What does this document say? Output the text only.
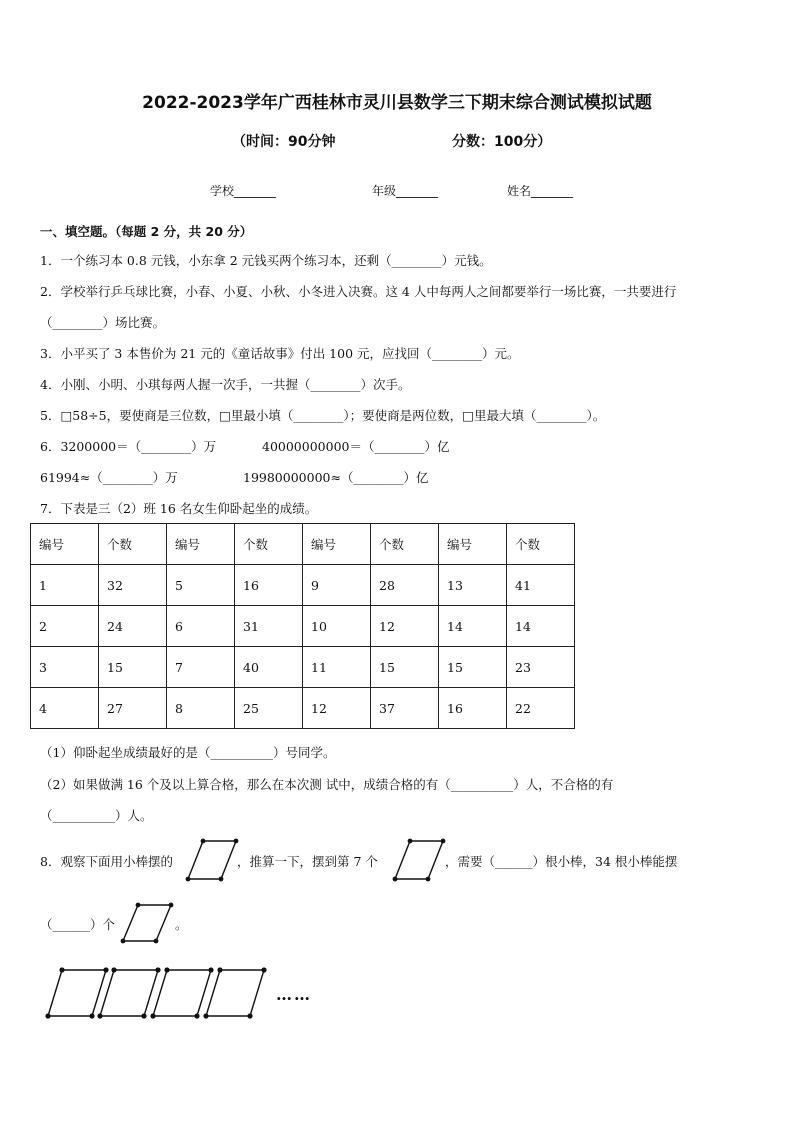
2022-2023学年广西桂林市灵川县数学三下期末综合测试模拟试题
（时间：90分钟	分数：100分）
学校_______	年级_______	姓名_______
一、填空题。（每题 2 分，共 20 分）
1．一个练习本 0.8 元钱，小东拿 2 元钱买两个练习本，还剩（________）元钱。
2．学校举行乒乓球比赛，小春、小夏、小秋、小冬进入决赛。这 4 人中每两人之间都要举行一场比赛，一共要进行
（________）场比赛。
3．小平买了 3 本售价为 21 元的《童话故事》付出 100 元，应找回（________）元。
4．小刚、小明、小琪每两人握一次手，一共握（________）次手。
5．□58÷5，要使商是三位数，□里最小填（________）；要使商是两位数，□里最大填（________）。
6．3200000＝（________）万	40000000000＝（________）亿
61994≈（________）万	19980000000≈（________）亿
7．下表是三（2）班 16 名女生仰卧起坐的成绩。
编号	个数	编号	个数	编号	个数	编号	个数
1	32	5	16	9	28	13	41
2	24	6	31	10	12	14	14
3	15	7	40	11	15	15	23
4	27	8	25	12	37	16	22
（1）仰卧起坐成绩最好的是（__________）号同学。
（2）如果做满 16 个及以上算合格，那么在本次测 试中，成绩合格的有（__________）人，不合格的有
（__________）人。
8．观察下面用小棒摆的	，推算一下，摆到第 7 个	，需要（______）根小棒，34 根小棒能摆
（______）个	。
……
